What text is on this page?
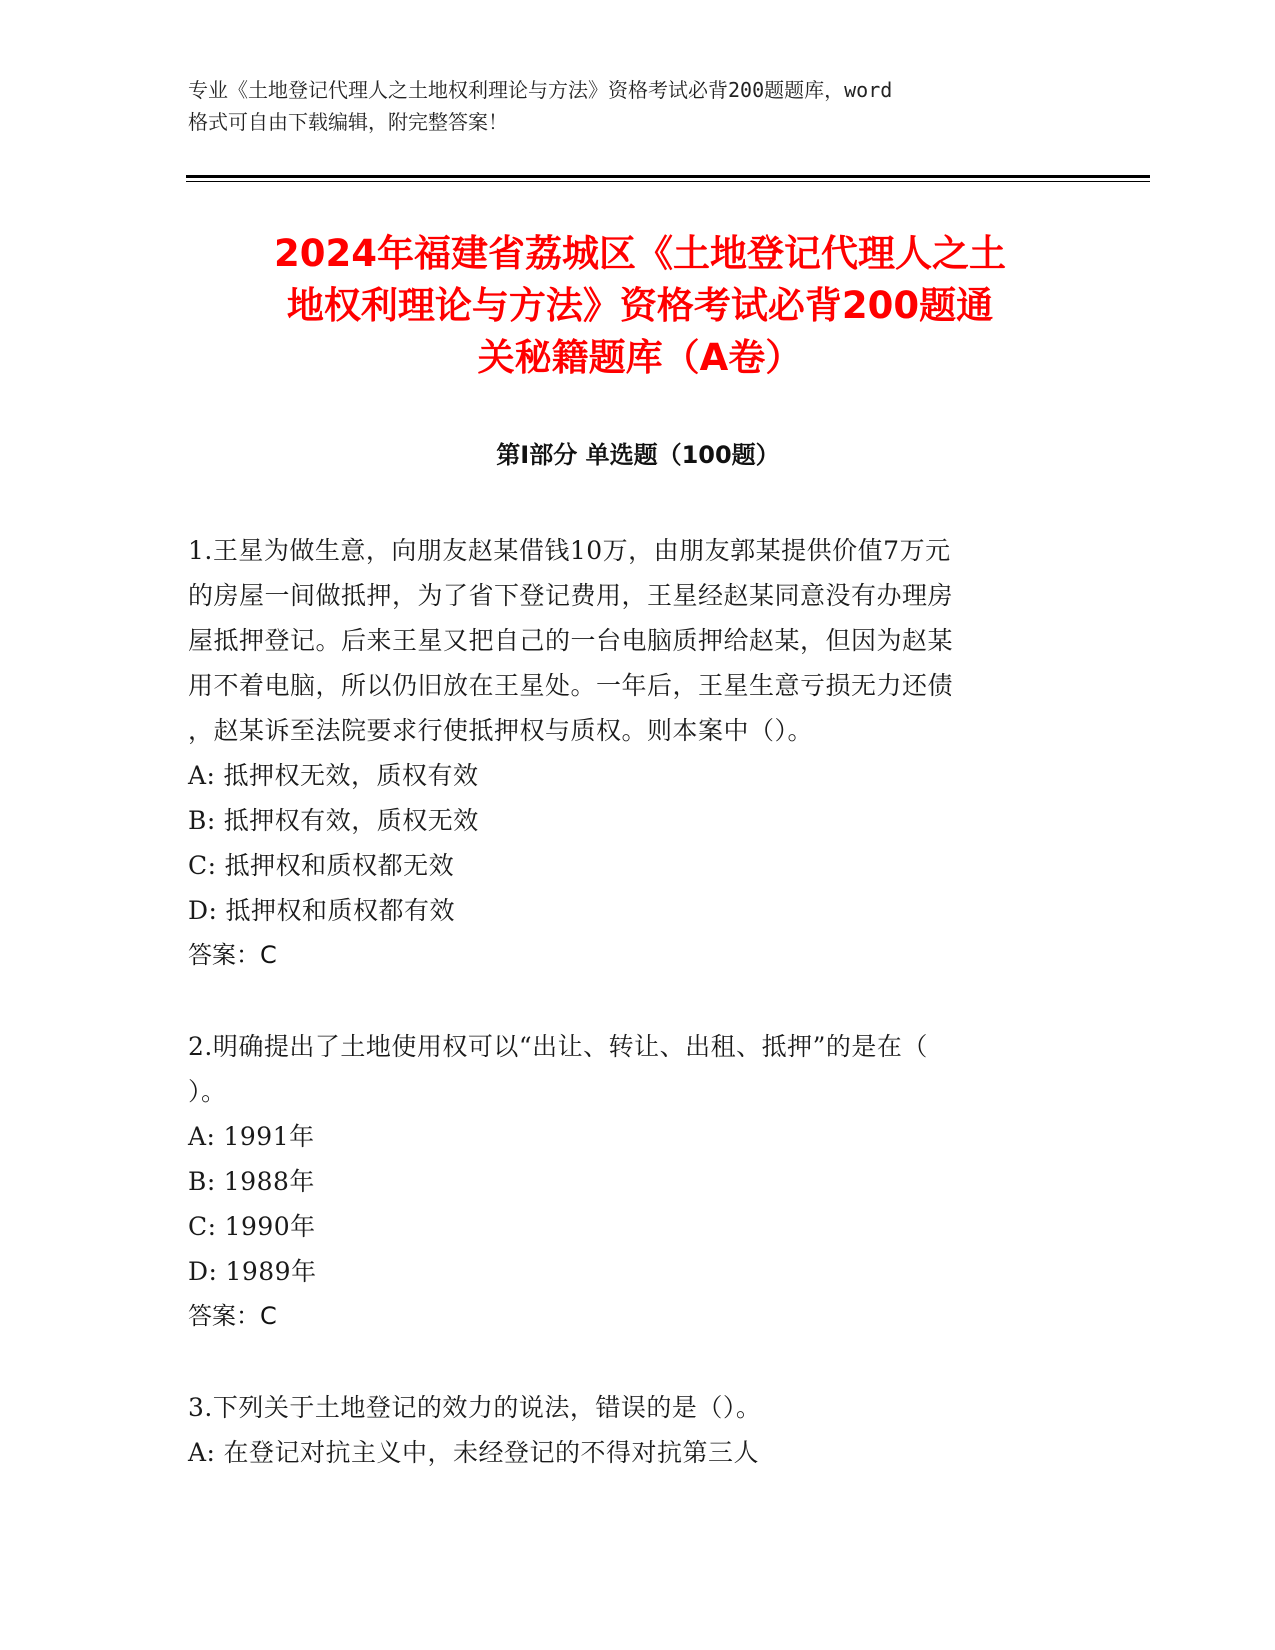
专业《土地登记代理人之土地权利理论与方法》资格考试必背200题题库，word
格式可自由下载编辑，附完整答案！
2024年福建省荔城区《土地登记代理人之土
地权利理论与方法》资格考试必背200题通
关秘籍题库（A卷）
第Ⅰ部分 单选题（100题）
1.王星为做生意，向朋友赵某借钱10万，由朋友郭某提供价值7万元
的房屋一间做抵押，为了省下登记费用，王星经赵某同意没有办理房
屋抵押登记。后来王星又把自己的一台电脑质押给赵某，但因为赵某
用不着电脑，所以仍旧放在王星处。一年后，王星生意亏损无力还债
，赵某诉至法院要求行使抵押权与质权。则本案中（）。
A: 抵押权无效，质权有效
B: 抵押权有效，质权无效
C: 抵押权和质权都无效
D: 抵押权和质权都有效
答案：C
2.明确提出了土地使用权可以“出让、转让、出租、抵押”的是在（
）。
A: 1991年
B: 1988年
C: 1990年
D: 1989年
答案：C
3.下列关于土地登记的效力的说法，错误的是（）。
A: 在登记对抗主义中，未经登记的不得对抗第三人
